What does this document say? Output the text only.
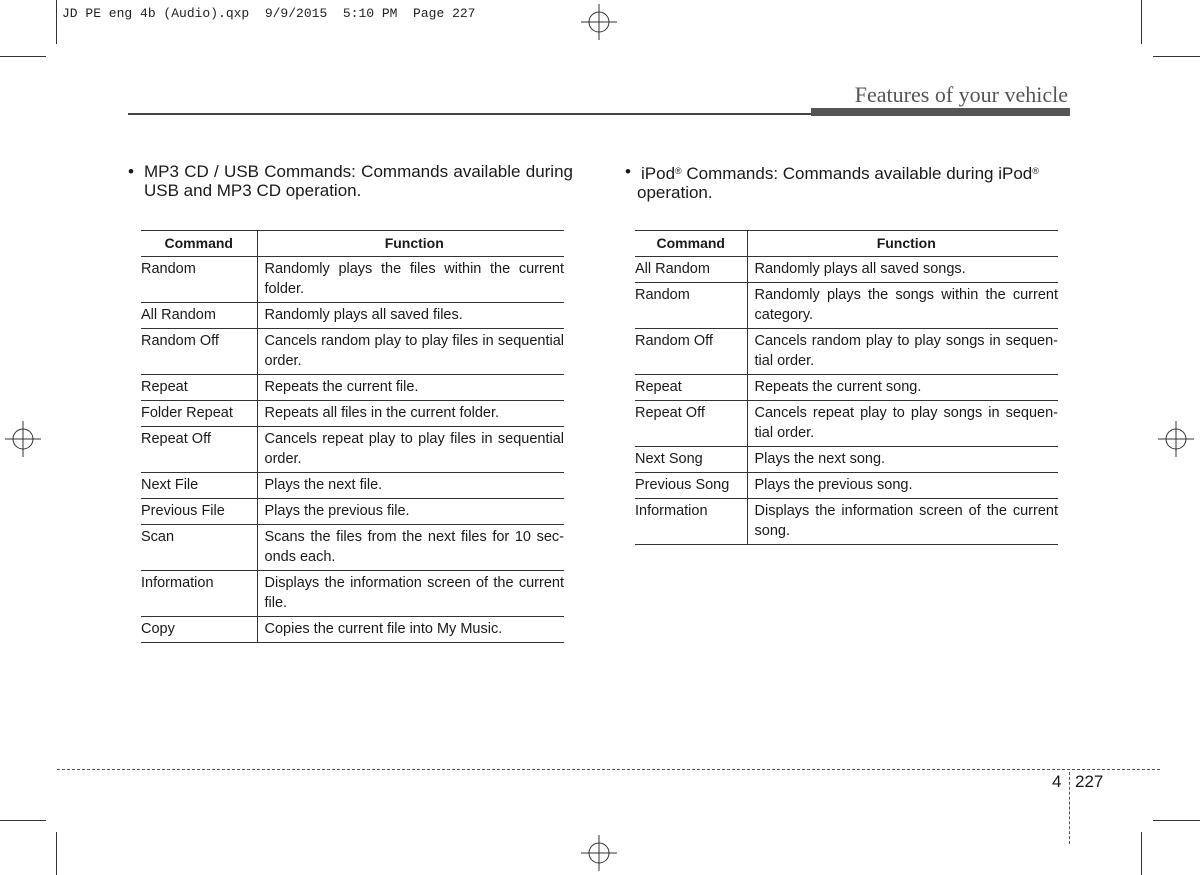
JD PE eng 4b (Audio).qxp  9/9/2015  5:10 PM  Page 227
Features of your vehicle
• MP3 CD / USB Commands: Commands available during USB and MP3 CD operation.
Command	Function
Random	Randomly plays the files within the current folder.
All Random	Randomly plays all saved files.
Random Off	Cancels random play to play files in sequential order.
Repeat	Repeats the current file.
Folder Repeat	Repeats all files in the current folder.
Repeat Off	Cancels repeat play to play files in sequential order.
Next File	Plays the next file.
Previous File	Plays the previous file.
Scan	Scans the files from the next files for 10 sec-onds each.
Information	Displays the information screen of the current file.
Copy	Copies the current file into My Music.
• iPod® Commands: Commands available during iPod®
operation.
Command	Function
All Random	Randomly plays all saved songs.
Random	Randomly plays the songs within the current category.
Random Off	Cancels random play to play songs in sequen-tial order.
Repeat	Repeats the current song.
Repeat Off	Cancels repeat play to play songs in sequen-tial order.
Next Song	Plays the next song.
Previous Song	Plays the previous song.
Information	Displays the information screen of the current song.
4 227
